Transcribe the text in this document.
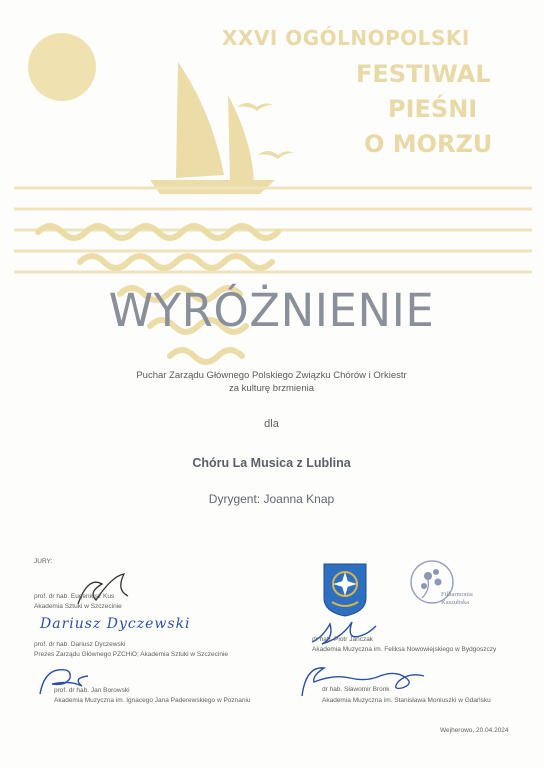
XXVI OGÓLNOPOLSKI
FESTIWAL
PIEŚNI
O MORZU
WYRÓŻNIENIE
Puchar Zarządu Głównego Polskiego Związku Chórów i Orkiestr
za kulturę brzmienia
dla
Chóru La Musica z Lublina
Dyrygent: Joanna Knap
JURY:
prof. dr hab. Eugeniusz Kus
Akademia Sztuki w Szczecinie
Dariusz Dyczewski
prof. dr hab. Dariusz Dyczewski
Prezes Zarządu Głównego PZCHiO; Akademia Sztuki w Szczecinie
prof. dr hab. Jan Borowski
Akademia Muzyczna im. Ignacego Jana Paderewskiego w Poznaniu
dr hab. Piotr Jańczak
Akademia Muzyczna im. Feliksa Nowowiejskiego w Bydgoszczy
dr hab. Sławomir Bronk
Akademia Muzyczna im. Stanisława Moniuszki w Gdańsku
Wejherowo, 20.04.2024
Filharmonia
Kaszubska
